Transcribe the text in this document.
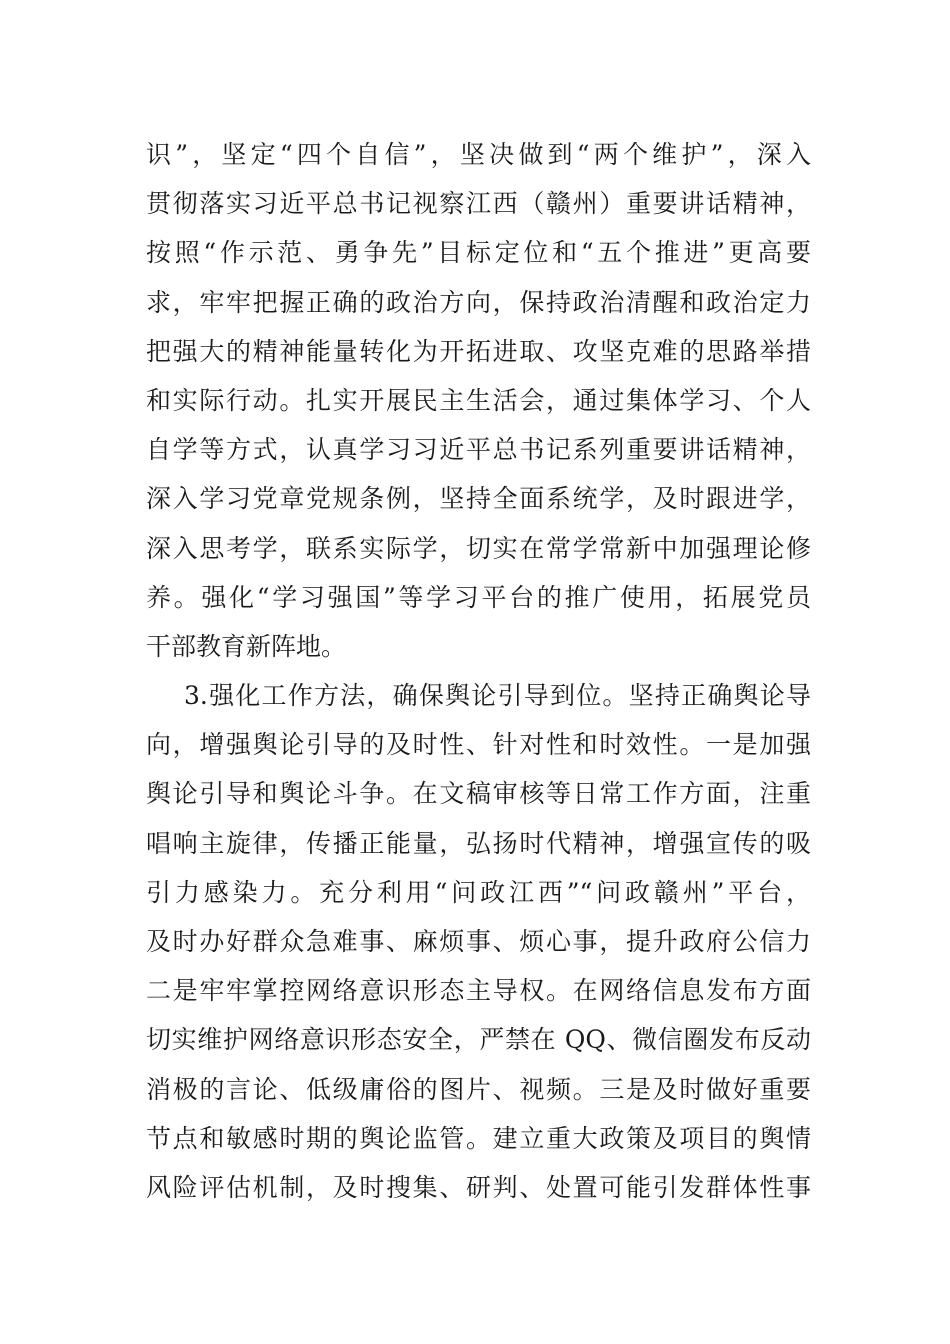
识”，坚定“四个自信”，坚决做到“两个维护”，深入
贯彻落实习近平总书记视察江西（赣州）重要讲话精神，
按照“作示范、勇争先”目标定位和“五个推进”更高要
求，牢牢把握正确的政治方向，保持政治清醒和政治定力
把强大的精神能量转化为开拓进取、攻坚克难的思路举措
和实际行动。扎实开展民主生活会，通过集体学习、个人
自学等方式，认真学习习近平总书记系列重要讲话精神，
深入学习党章党规条例，坚持全面系统学，及时跟进学，
深入思考学，联系实际学，切实在常学常新中加强理论修
养。强化“学习强国”等学习平台的推广使用，拓展党员
干部教育新阵地。
3.强化工作方法，确保舆论引导到位。坚持正确舆论导
向，增强舆论引导的及时性、针对性和时效性。一是加强
舆论引导和舆论斗争。在文稿审核等日常工作方面，注重
唱响主旋律，传播正能量，弘扬时代精神，增强宣传的吸
引力感染力。充分利用“问政江西”“问政赣州”平台，
及时办好群众急难事、麻烦事、烦心事，提升政府公信力
二是牢牢掌控网络意识形态主导权。在网络信息发布方面
切实维护网络意识形态安全，严禁在 QQ、微信圈发布反动
消极的言论、低级庸俗的图片、视频。三是及时做好重要
节点和敏感时期的舆论监管。建立重大政策及项目的舆情
风险评估机制，及时搜集、研判、处置可能引发群体性事
